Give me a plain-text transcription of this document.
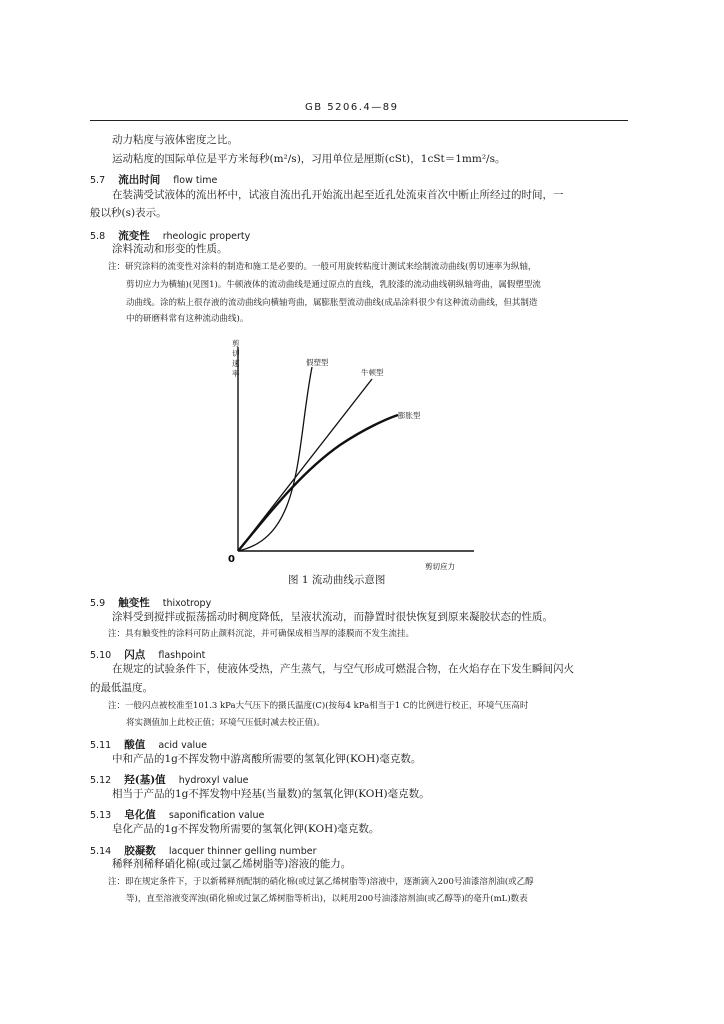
GB 5206.4—89
动力粘度与液体密度之比。
运动粘度的国际单位是平方米每秒(m²/s)，习用单位是厘斯(cSt)，1cSt＝1mm²/s。
5.7 流出时间 flow time
在装满受试液体的流出杯中，试液自流出孔开始流出起至近孔处流束首次中断止所经过的时间，一
般以秒(s)表示。
5.8 流变性 rheologic property
涂料流动和形变的性质。
注：研究涂料的流变性对涂料的制造和施工是必要的。一般可用旋转粘度计测试来绘制流动曲线(剪切速率为纵轴，
剪切应力为横轴)(见图1)。牛顿液体的流动曲线是通过原点的直线，乳胶漆的流动曲线朝纵轴弯曲，属假塑型流
动曲线。涂的粘上很存液的流动曲线向横轴弯曲，属膨胀型流动曲线(成品涂料很少有这种流动曲线，但其制造
中的研磨料常有这种流动曲线)。
剪
切
速
率
0
剪切应力
假塑型
牛顿型
膨胀型
图 1 流动曲线示意图
5.9 触变性 thixotropy
涂料受到搅拌或振荡摇动时稠度降低，呈液状流动，而静置时很快恢复到原来凝胶状态的性质。
注：具有触变性的涂料可防止颜料沉淀，并可确保成相当厚的漆膜而不发生流挂。
5.10 闪点 flashpoint
在规定的试验条件下，使液体受热，产生蒸气，与空气形成可燃混合物，在火焰存在下发生瞬间闪火
的最低温度。
注：一般闪点被校准至101.3 kPa大气压下的摄氏温度(C)(按每4 kPa相当于1 C的比例进行校正，环境气压高时
将实测值加上此校正值；环境气压低时减去校正值)。
5.11 酸值 acid value
中和产品的1g不挥发物中游离酸所需要的氢氧化钾(KOH)毫克数。
5.12 羟(基)值 hydroxyl value
相当于产品的1g不挥发物中羟基(当量数)的氢氧化钾(KOH)毫克数。
5.13 皂化值 saponification value
皂化产品的1g不挥发物所需要的氢氧化钾(KOH)毫克数。
5.14 胶凝数 lacquer thinner gelling number
稀释剂稀释硝化棉(或过氯乙烯树脂等)溶液的能力。
注：即在规定条件下，于以新稀释剂配制的硝化棉(或过氯乙烯树脂等)溶液中，逐渐滴入200号油漆溶剂油(或乙醇
等)，直至溶液变浑浊(硝化棉或过氯乙烯树脂等析出)，以耗用200号油漆溶剂油(或乙醇等)的毫升(mL)数表
